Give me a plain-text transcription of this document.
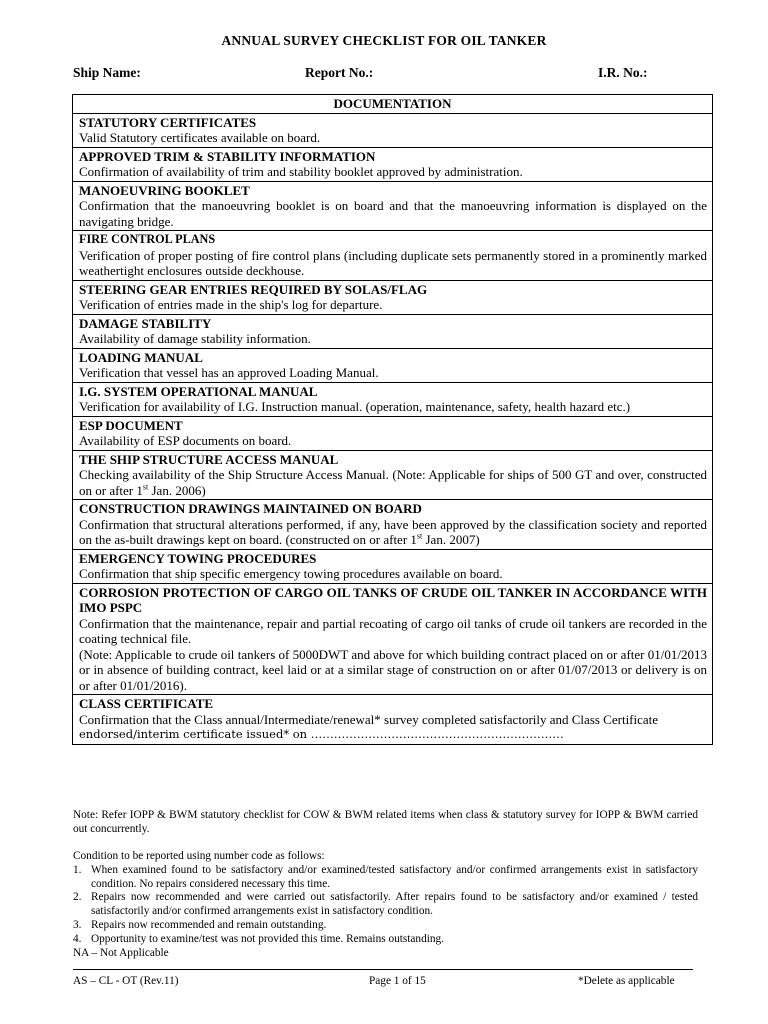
ANNUAL SURVEY CHECKLIST FOR OIL TANKER
Ship Name:	Report No.:	I.R. No.:
DOCUMENTATION

STATUTORY CERTIFICATES
Valid Statutory certificates available on board.

APPROVED TRIM & STABILITY INFORMATION
Confirmation of availability of trim and stability booklet approved by administration.

MANOEUVRING BOOKLET
Confirmation that the manoeuvring booklet is on board and that the manoeuvring information is displayed on the navigating bridge.

FIRE CONTROL PLANS
Verification of proper posting of fire control plans (including duplicate sets permanently stored in a prominently marked weathertight enclosures outside deckhouse.

STEERING GEAR ENTRIES REQUIRED BY SOLAS/FLAG
Verification of entries made in the ship's log for departure.

DAMAGE STABILITY
Availability of damage stability information.

LOADING MANUAL
Verification that vessel has an approved Loading Manual.

I.G. SYSTEM OPERATIONAL MANUAL
Verification for availability of I.G. Instruction manual. (operation, maintenance, safety, health hazard etc.)

ESP DOCUMENT
Availability of ESP documents on board.

THE SHIP STRUCTURE ACCESS MANUAL
Checking availability of the Ship Structure Access Manual. (Note: Applicable for ships of 500 GT and over, constructed on or after 1st Jan. 2006)

CONSTRUCTION DRAWINGS MAINTAINED ON BOARD
Confirmation that structural alterations performed, if any, have been approved by the classification society and reported on the as-built drawings kept on board. (constructed on or after 1st Jan. 2007)

EMERGENCY TOWING PROCEDURES
Confirmation that ship specific emergency towing procedures available on board.

CORROSION PROTECTION OF CARGO OIL TANKS OF CRUDE OIL TANKER IN ACCORDANCE WITH IMO PSPC
Confirmation that the maintenance, repair and partial recoating of cargo oil tanks of crude oil tankers are recorded in the coating technical file.
(Note: Applicable to crude oil tankers of 5000DWT and above for which building contract placed on or after 01/01/2013 or in absence of building contract, keel laid or at a similar stage of construction on or after 01/07/2013 or delivery is on or after 01/01/2016).

CLASS CERTIFICATE
Confirmation that the Class annual/Intermediate/renewal* survey completed satisfactorily and Class Certificate
endorsed/interim certificate issued* on …………………………………………………………
Note: Refer IOPP & BWM statutory checklist for COW & BWM related items when class & statutory survey for IOPP & BWM carried out concurrently.
Condition to be reported using number code as follows:
1. When examined found to be satisfactory and/or examined/tested satisfactory and/or confirmed arrangements exist in satisfactory condition. No repairs considered necessary this time.
2. Repairs now recommended and were carried out satisfactorily. After repairs found to be satisfactory and/or examined / tested satisfactorily and/or confirmed arrangements exist in satisfactory condition.
3. Repairs now recommended and remain outstanding.
4. Opportunity to examine/test was not provided this time. Remains outstanding.
NA – Not Applicable
AS – CL - OT (Rev.11)	Page 1 of 15	*Delete as applicable
